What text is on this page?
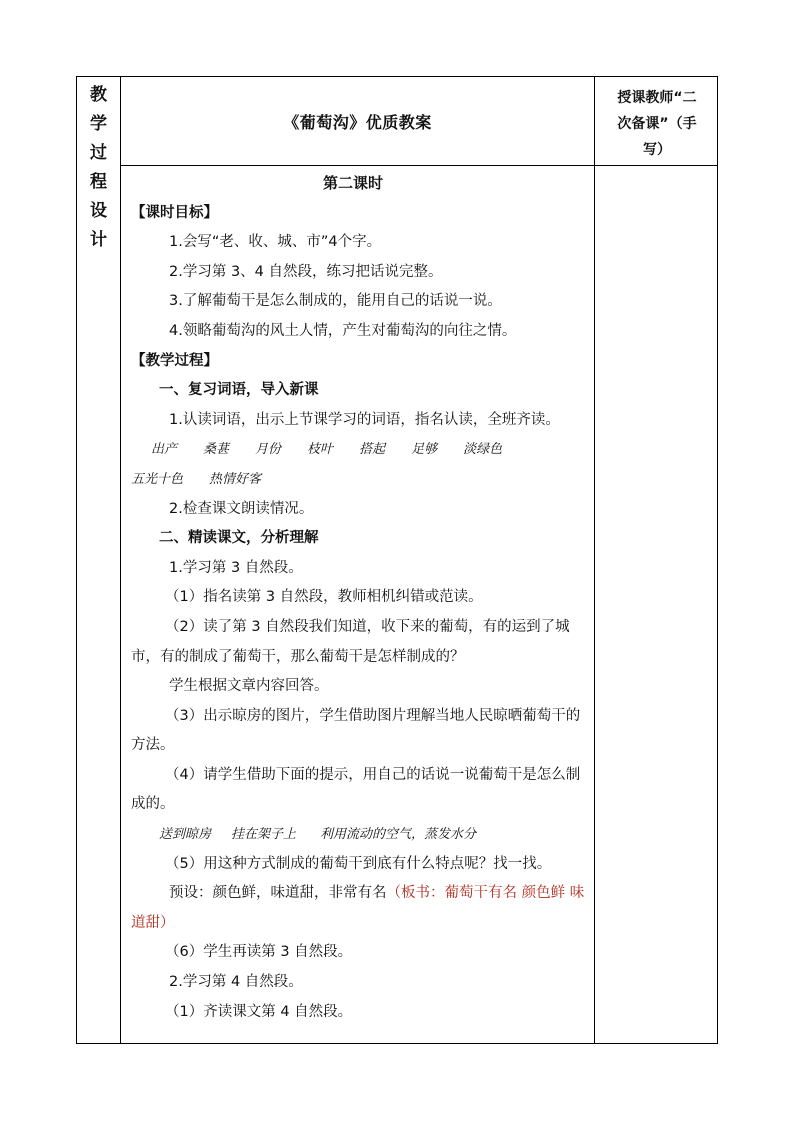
教
学
过
程
设
计
《葡萄沟》优质教案
授课教师“二
次备课”（手
写）

第二课时

【课时目标】

1.会写“老、收、城、市”4个字。

2.学习第 3、4 自然段，练习把话说完整。

3.了解葡萄干是怎么制成的，能用自己的话说一说。

4.领略葡萄沟的风土人情，产生对葡萄沟的向往之情。

【教学过程】

一、复习词语，导入新课

1.认读词语，出示上节课学习的词语，指名认读，全班齐读。

出产 桑葚 月份 枝叶 搭起 足够 淡绿色

五光十色 热情好客

2.检查课文朗读情况。

二、精读课文，分析理解

1.学习第 3 自然段。

（1）指名读第 3 自然段，教师相机纠错或范读。

（2）读了第 3 自然段我们知道，收下来的葡萄，有的运到了城市，有的制成了葡萄干，那么葡萄干是怎样制成的？

学生根据文章内容回答。

（3）出示晾房的图片，学生借助图片理解当地人民晾晒葡萄干的方法。

（4）请学生借助下面的提示，用自己的话说一说葡萄干是怎么制成的。

送到晾房 挂在架子上 利用流动的空气，蒸发水分

（5）用这种方式制成的葡萄干到底有什么特点呢？找一找。

预设：颜色鲜，味道甜，非常有名（板书：葡萄干有名 颜色鲜 味道甜）

（6）学生再读第 3 自然段。

2.学习第 4 自然段。

（1）齐读课文第 4 自然段。
